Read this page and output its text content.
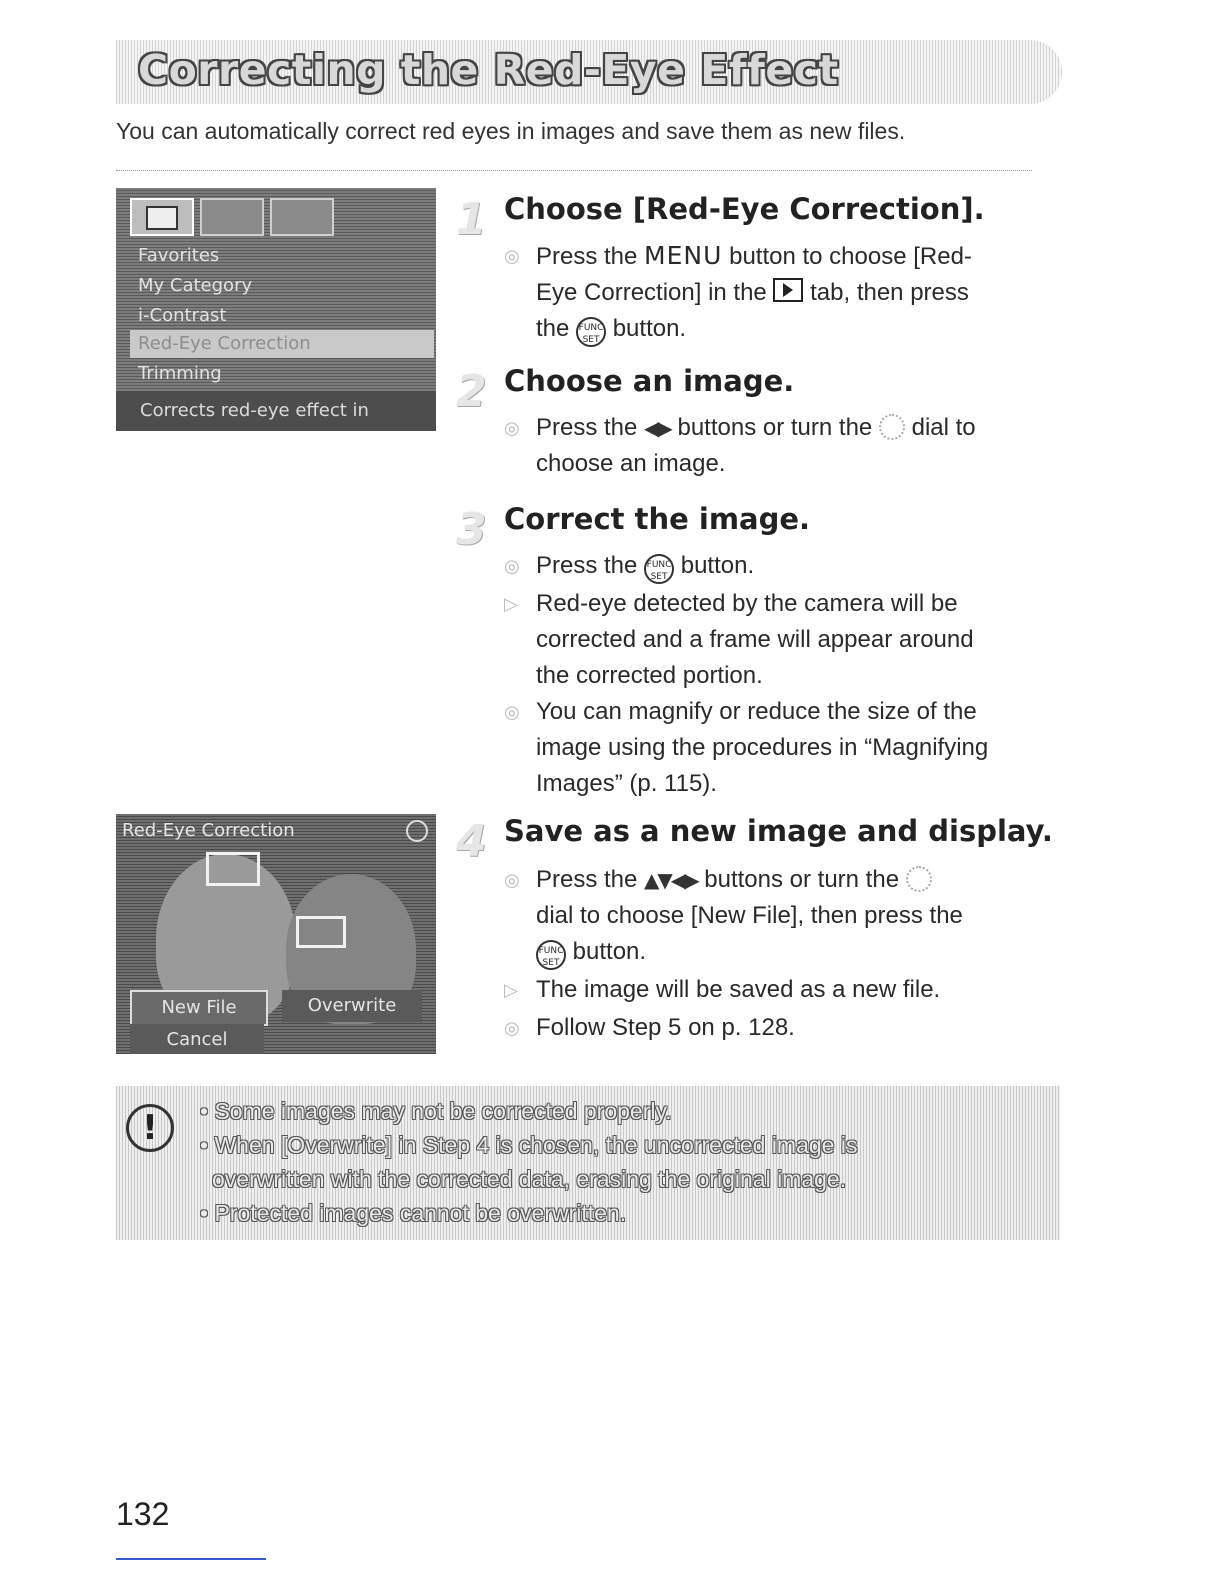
Correcting the Red-Eye Effect
You can automatically correct red eyes in images and save them as new files.
Favorites
My Category
i-Contrast
Red-Eye Correction
Trimming
Corrects red-eye effect in
Red-Eye Correction
New File	Overwrite
Cancel
1 Choose [Red-Eye Correction].
◎ Press the MENU button to choose [Red-
Eye Correction] in the  tab, then press
the FUNC
SET button.
2 Choose an image.
◎ Press the ◀▶ buttons or turn the  dial to
choose an image.
3 Correct the image.
◎ Press the FUNC
SET button.
▷ Red-eye detected by the camera will be
corrected and a frame will appear around
the corrected portion.
◎ You can magnify or reduce the size of the
image using the procedures in “Magnifying
Images” (p. 115).
4 Save as a new image and display.
◎ Press the ▲▼◀▶ buttons or turn the
dial to choose [New File], then press the
FUNC
SET button.
▷ The image will be saved as a new file.
◎ Follow Step 5 on p. 128.
!	• Some images may not be corrected properly.
• When [Overwrite] in Step 4 is chosen, the uncorrected image is
overwritten with the corrected data, erasing the original image.
• Protected images cannot be overwritten.
132
